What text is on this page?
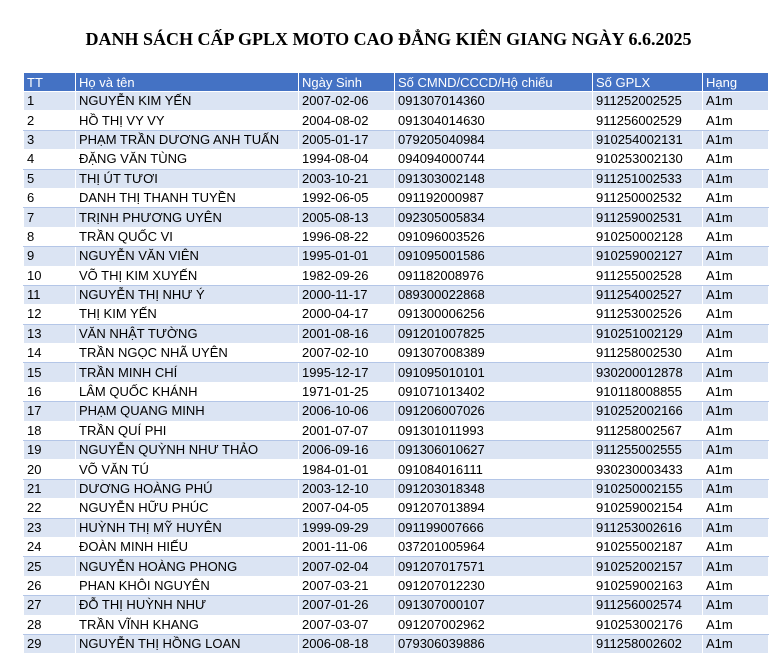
DANH SÁCH CẤP GPLX MOTO CAO ĐẲNG KIÊN GIANG NGÀY 6.6.2025
TT	Họ và tên	Ngày Sinh	Số CMND/CCCD/Hộ chiếu	Số GPLX	Hạng
1	NGUYỄN KIM YẾN	2007-02-06	091307014360	911252002525	A1m
2	HỒ THỊ VY VY	2004-08-02	091304014630	911256002529	A1m
3	PHẠM TRẦN DƯƠNG ANH TUẤN	2005-01-17	079205040984	910254002131	A1m
4	ĐẶNG VĂN TÙNG	1994-08-04	094094000744	910253002130	A1m
5	THỊ ÚT TƯƠI	2003-10-21	091303002148	911251002533	A1m
6	DANH THỊ THANH TUYỀN	1992-06-05	091192000987	911250002532	A1m
7	TRỊNH PHƯƠNG UYÊN	2005-08-13	092305005834	911259002531	A1m
8	TRẦN QUỐC VI	1996-08-22	091096003526	910250002128	A1m
9	NGUYỄN VĂN VIÊN	1995-01-01	091095001586	910259002127	A1m
10	VÕ THỊ KIM XUYẾN	1982-09-26	091182008976	911255002528	A1m
11	NGUYỄN THỊ NHƯ Ý	2000-11-17	089300022868	911254002527	A1m
12	THỊ KIM YẾN	2000-04-17	091300006256	911253002526	A1m
13	VĂN NHẬT TƯỜNG	2001-08-16	091201007825	910251002129	A1m
14	TRẦN NGỌC NHÃ UYÊN	2007-02-10	091307008389	911258002530	A1m
15	TRẦN MINH CHÍ	1995-12-17	091095010101	930200012878	A1m
16	LÂM QUỐC KHÁNH	1971-01-25	091071013402	910118008855	A1m
17	PHẠM QUANG MINH	2006-10-06	091206007026	910252002166	A1m
18	TRẦN QUÍ PHI	2001-07-07	091301011993	911258002567	A1m
19	NGUYỄN QUỲNH NHƯ THẢO	2006-09-16	091306010627	911255002555	A1m
20	VÕ VĂN TÚ	1984-01-01	091084016111	930230003433	A1m
21	DƯƠNG HOÀNG PHÚ	2003-12-10	091203018348	910250002155	A1m
22	NGUYỄN HỮU PHÚC	2007-04-05	091207013894	910259002154	A1m
23	HUỲNH THỊ MỸ HUYÊN	1999-09-29	091199007666	911253002616	A1m
24	ĐOÀN MINH HIẾU	2001-11-06	037201005964	910255002187	A1m
25	NGUYỄN HOÀNG PHONG	2007-02-04	091207017571	910252002157	A1m
26	PHAN KHÔI NGUYÊN	2007-03-21	091207012230	910259002163	A1m
27	ĐỖ THỊ HUỲNH NHƯ	2007-01-26	091307000107	911256002574	A1m
28	TRẦN VĨNH KHANG	2007-03-07	091207002962	910253002176	A1m
29	NGUYỄN THỊ HỒNG LOAN	2006-08-18	079306039886	911258002602	A1m
